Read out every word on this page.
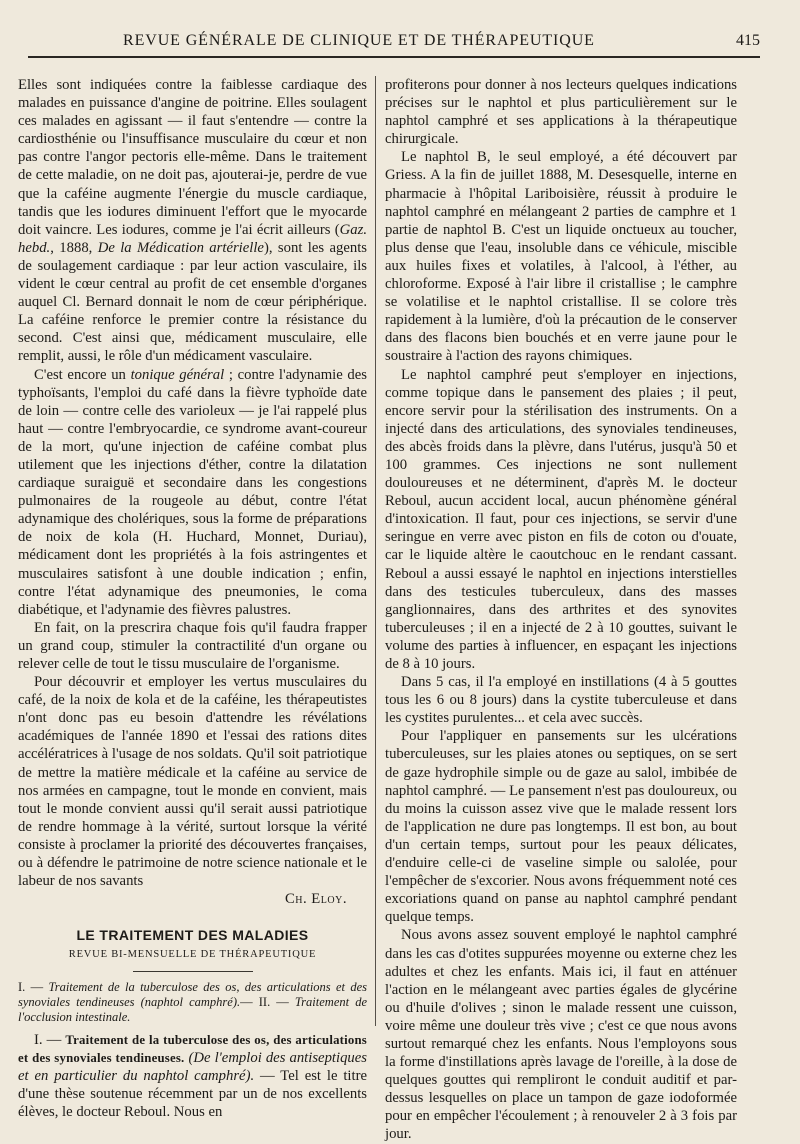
REVUE GÉNÉRALE DE CLINIQUE ET DE THÉRAPEUTIQUE	415

Elles sont indiquées contre la faiblesse cardiaque des malades en puissance d'angine de poitrine. Elles soulagent ces malades en agissant — il faut s'entendre — contre la cardiosthénie ou l'insuffisance musculaire du cœur et non pas contre l'angor pectoris elle-même. Dans le traitement de cette maladie, on ne doit pas, ajouterai-je, perdre de vue que la caféine augmente l'énergie du muscle cardiaque, tandis que les iodures diminuent l'effort que le myocarde doit vaincre. Les iodures, comme je l'ai écrit ailleurs (Gaz. hebd., 1888, De la Médication artérielle), sont les agents de soulagement cardiaque : par leur action vasculaire, ils vident le cœur central au profit de cet ensemble d'organes auquel Cl. Bernard donnait le nom de cœur périphérique. La caféine renforce le premier contre la résistance du second. C'est ainsi que, médicament musculaire, elle remplit, aussi, le rôle d'un médicament vasculaire.

C'est encore un tonique général ; contre l'adynamie des typhoïsants, l'emploi du café dans la fièvre typhoïde date de loin — contre celle des varioleux — je l'ai rappelé plus haut — contre l'embryocardie, ce syndrome avant-coureur de la mort, qu'une injection de caféine combat plus utilement que les injections d'éther, contre la dilatation cardiaque suraiguë et secondaire dans les congestions pulmonaires de la rougeole au début, contre l'état adynamique des cholériques, sous la forme de préparations de noix de kola (H. Huchard, Monnet, Duriau), médicament dont les propriétés à la fois astringentes et musculaires satisfont à une double indication ; enfin, contre l'état adynamique des pneumonies, le coma diabétique, et l'adynamie des fièvres palustres.

En fait, on la prescrira chaque fois qu'il faudra frapper un grand coup, stimuler la contractilité d'un organe ou relever celle de tout le tissu musculaire de l'organisme.

Pour découvrir et employer les vertus musculaires du café, de la noix de kola et de la caféine, les thérapeutistes n'ont donc pas eu besoin d'attendre les révélations académiques de l'année 1890 et l'essai des rations dites accélératrices à l'usage de nos soldats. Qu'il soit patriotique de mettre la matière médicale et la caféine au service de nos armées en campagne, tout le monde en convient, mais tout le monde convient aussi qu'il serait aussi patriotique de rendre hommage à la vérité, surtout lorsque la vérité consiste à proclamer la priorité des découvertes françaises, ou à défendre le patrimoine de notre science nationale et le labeur de nos savants

Ch. Eloy.

LE TRAITEMENT DES MALADIES
REVUE BI-MENSUELLE DE THÉRAPEUTIQUE

I. — Traitement de la tuberculose des os, des articulations et des synoviales tendineuses (naphtol camphré).— II. — Traitement de l'occlusion intestinale.

I. — Traitement de la tuberculose des os, des articulations et des synoviales tendineuses. (De l'emploi des antiseptiques et en particulier du naphtol camphré). — Tel est le titre d'une thèse soutenue récemment par un de nos excellents élèves, le docteur Reboul. Nous en

profiterons pour donner à nos lecteurs quelques indications précises sur le naphtol et plus particulièrement sur le naphtol camphré et ses applications à la thérapeutique chirurgicale.

Le naphtol B, le seul employé, a été découvert par Griess. A la fin de juillet 1888, M. Desesquelle, interne en pharmacie à l'hôpital Lariboisière, réussit à produire le naphtol camphré en mélangeant 2 parties de camphre et 1 partie de naphtol B. C'est un liquide onctueux au toucher, plus dense que l'eau, insoluble dans ce véhicule, miscible aux huiles fixes et volatiles, à l'alcool, à l'éther, au chloroforme. Exposé à l'air libre il cristallise ; le camphre se volatilise et le naphtol cristallise. Il se colore très rapidement à la lumière, d'où la précaution de le conserver dans des flacons bien bouchés et en verre jaune pour le soustraire à l'action des rayons chimiques.

Le naphtol camphré peut s'employer en injections, comme topique dans le pansement des plaies ; il peut, encore servir pour la stérilisation des instruments. On a injecté dans des articulations, des synoviales tendineuses, des abcès froids dans la plèvre, dans l'utérus, jusqu'à 50 et 100 grammes. Ces injections ne sont nullement douloureuses et ne déterminent, d'après M. le docteur Reboul, aucun accident local, aucun phénomène général d'intoxication. Il faut, pour ces injections, se servir d'une seringue en verre avec piston en fils de coton ou d'ouate, car le liquide altère le caoutchouc en le rendant cassant. Reboul a aussi essayé le naphtol en injections interstielles dans des testicules tuberculeux, dans des masses ganglionnaires, dans des arthrites et des synovites tuberculeuses ; il en a injecté de 2 à 10 gouttes, suivant le volume des parties à influencer, en espaçant les injections de 8 à 10 jours.

Dans 5 cas, il l'a employé en instillations (4 à 5 gouttes tous les 6 ou 8 jours) dans la cystite tuberculeuse et dans les cystites purulentes... et cela avec succès.

Pour l'appliquer en pansements sur les ulcérations tuberculeuses, sur les plaies atones ou septiques, on se sert de gaze hydrophile simple ou de gaze au salol, imbibée de naphtol camphré. — Le pansement n'est pas douloureux, ou du moins la cuisson assez vive que le malade ressent lors de l'application ne dure pas longtemps. Il est bon, au bout d'un certain temps, surtout pour les peaux délicates, d'enduire celle-ci de vaseline simple ou salolée, pour l'empêcher de s'excorier. Nous avons fréquemment noté ces excoriations quand on panse au naphtol camphré pendant quelque temps.

Nous avons assez souvent employé le naphtol camphré dans les cas d'otites suppurées moyenne ou externe chez les adultes et chez les enfants. Mais ici, il faut en atténuer l'action en le mélangeant avec parties égales de glycérine ou d'huile d'olives ; sinon le malade ressent une cuisson, voire même une douleur très vive ; c'est ce que nous avons surtout remarqué chez les enfants. Nous l'employons sous la forme d'instillations après lavage de l'oreille, à la dose de quelques gouttes qui rempliront le conduit auditif et par-dessus lesquelles on place un tampon de gaze iodoformée pour en empêcher l'écoulement ; à renouveler 2 à 3 fois par jour.
